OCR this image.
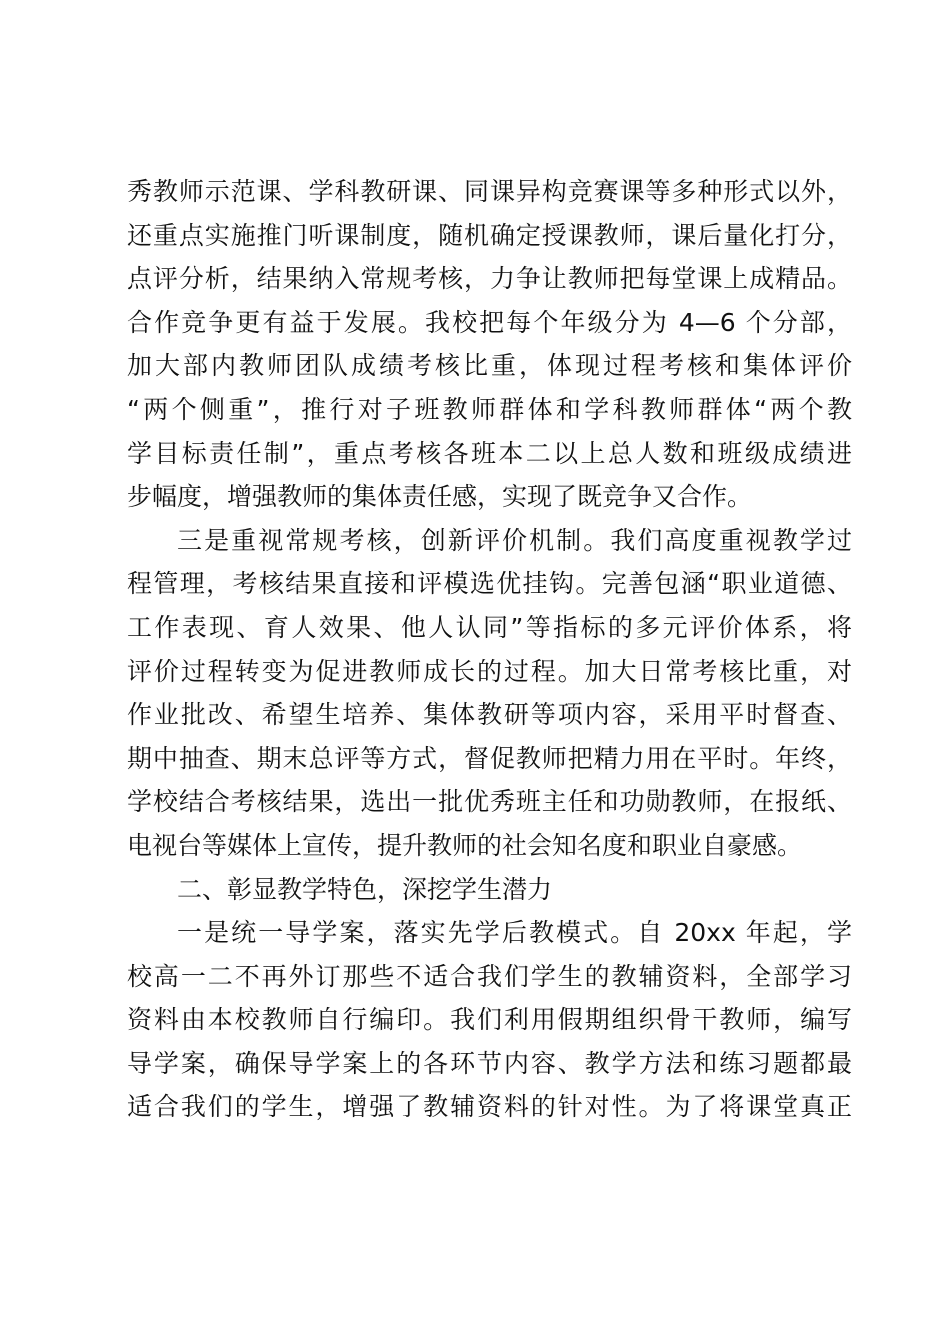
秀教师示范课、学科教研课、同课异构竞赛课等多种形式以外，
还重点实施推门听课制度，随机确定授课教师，课后量化打分，
点评分析，结果纳入常规考核，力争让教师把每堂课上成精品。
合作竞争更有益于发展。我校把每个年级分为 4—6 个分部，
加大部内教师团队成绩考核比重，体现过程考核和集体评价
“两个侧重”，推行对子班教师群体和学科教师群体“两个教
学目标责任制”，重点考核各班本二以上总人数和班级成绩进
步幅度，增强教师的集体责任感，实现了既竞争又合作。
三是重视常规考核，创新评价机制。我们高度重视教学过
程管理，考核结果直接和评模选优挂钩。完善包涵“职业道德、
工作表现、育人效果、他人认同”等指标的多元评价体系，将
评价过程转变为促进教师成长的过程。加大日常考核比重，对
作业批改、希望生培养、集体教研等项内容，采用平时督查、
期中抽查、期末总评等方式，督促教师把精力用在平时。年终，
学校结合考核结果，选出一批优秀班主任和功勋教师，在报纸、
电视台等媒体上宣传，提升教师的社会知名度和职业自豪感。
二、彰显教学特色，深挖学生潜力
一是统一导学案，落实先学后教模式。自 20xx 年起，学
校高一二不再外订那些不适合我们学生的教辅资料，全部学习
资料由本校教师自行编印。我们利用假期组织骨干教师，编写
导学案，确保导学案上的各环节内容、教学方法和练习题都最
适合我们的学生，增强了教辅资料的针对性。为了将课堂真正
